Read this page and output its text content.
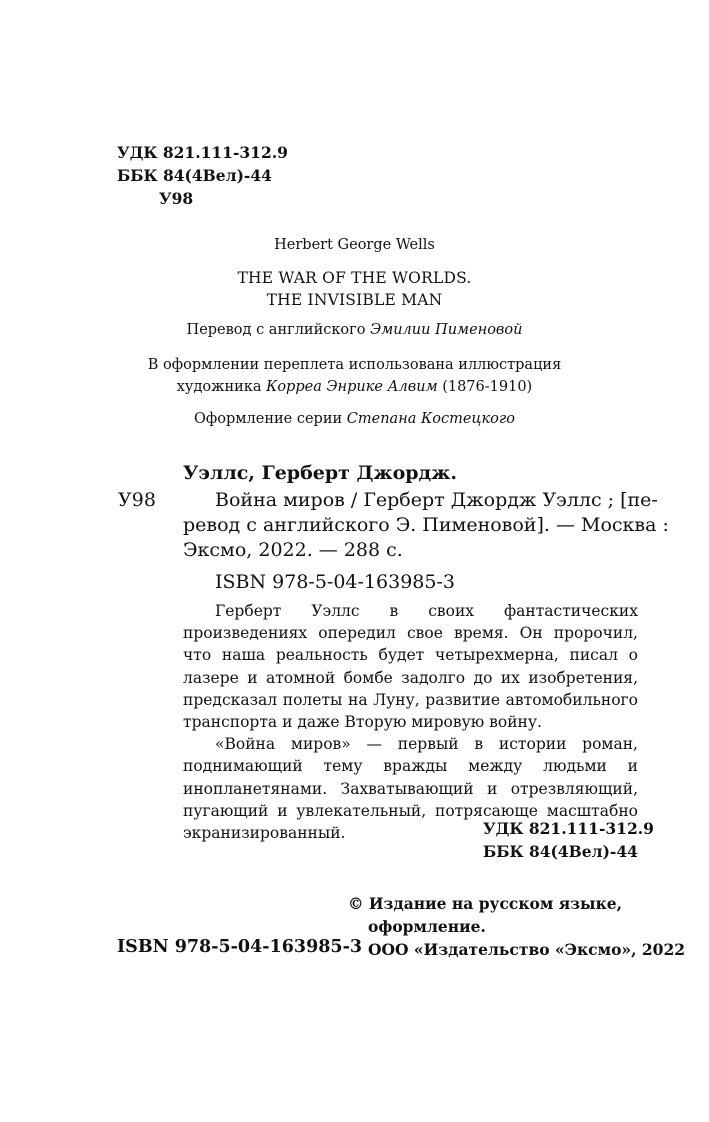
УДК 821.111-312.9
ББК 84(4Вел)-44
У98
Herbert George Wells
THE WAR OF THE WORLDS.
THE INVISIBLE MAN
Перевод с английского Эмилии Пименовой
В оформлении переплета использована иллюстрация
художника Корреа Энрике Алвим (1876-1910)
Оформление серии Степана Костецкого
Уэллс, Герберт Джордж.
У98	Война миров / Герберт Джордж Уэллс ; [пе-
ревод с английского Э. Пименовой]. — Москва :
Эксмо, 2022. — 288 с.
ISBN 978-5-04-163985-3

Герберт Уэллс в своих фантастических произведениях опередил свое время. Он пророчил, что наша реальность будет четырехмерна, писал о лазере и атомной бомбе задолго до их изобретения, предсказал полеты на Луну, развитие автомобильного транспорта и даже Вторую мировую войну.

«Война миров» — первый в истории роман, поднимающий тему вражды между людьми и инопланетянами. Захватывающий и отрезвляющий, пугающий и увлекательный, потрясающе масштабно экранизированный.	УДК 821.111-312.9
ББК 84(4Вел)-44
© Издание на русском языке,
оформление.
ООО «Издательство «Эксмо», 2022
ISBN 978-5-04-163985-3
